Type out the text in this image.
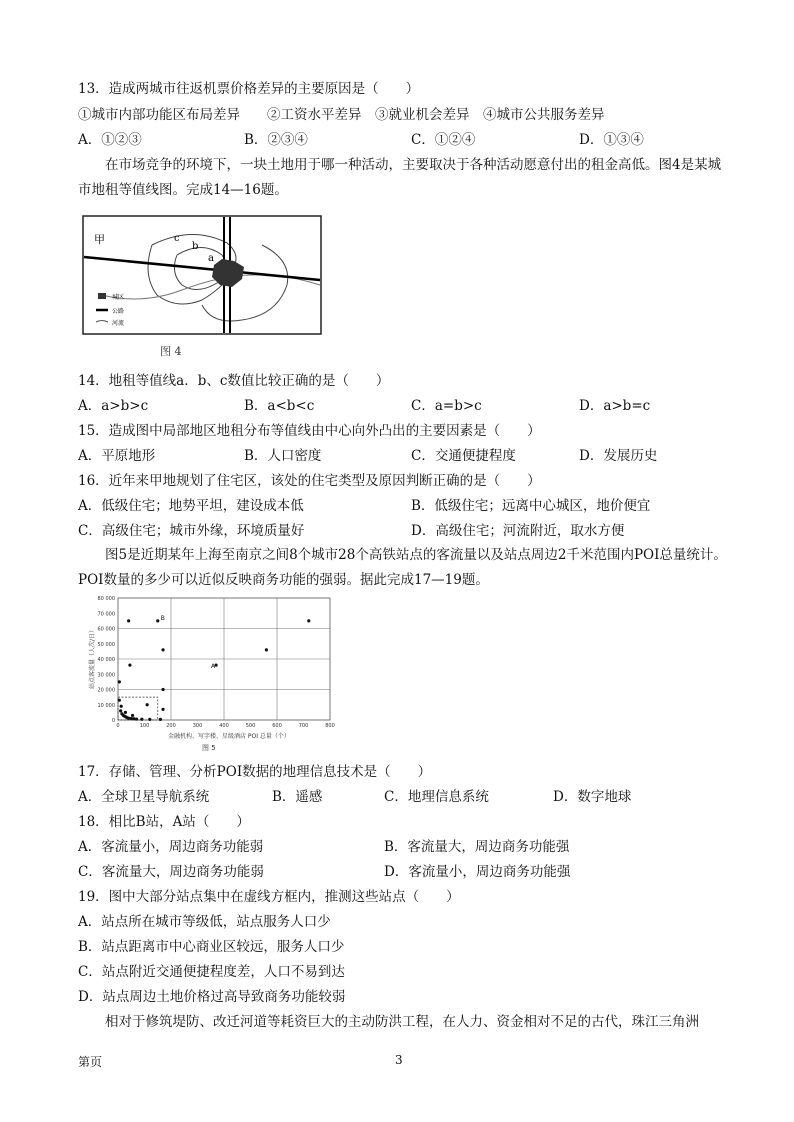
13．造成两城市往返机票价格差异的主要原因是（　　）
①城市内部功能区布局差异　　②工资水平差异　③就业机会差异　④城市公共服务差异
A．①②③	B．②③④	C．①②④	D．①③④
在市场竞争的环境下，一块土地用于哪一种活动，主要取决于各种活动愿意付出的租金高低。图4是某城市地租等值线图。完成14—16题。
甲	c
b
a
城区
公路
河流
图 4
14．地租等值线a．b、c数值比较正确的是（　　）
A．a>b>c	B．a<b<c	C．a=b>c	D．a>b=c
15．造成图中局部地区地租分布等值线由中心向外凸出的主要因素是（　　）
A．平原地形	B．人口密度	C．交通便捷程度	D．发展历史
16．近年来甲地规划了住宅区，该处的住宅类型及原因判断正确的是（　　）
A．低级住宅；地势平坦，建设成本低	B．低级住宅；远离中心城区，地价便宜
C．高级住宅；城市外缘，环境质量好	D．高级住宅；河流附近，取水方便
图5是近期某年上海至南京之间8个城市28个高铁站点的客流量以及站点周边2千米范围内POI总量统计。POI数量的多少可以近似反映商务功能的强弱。据此完成17—19题。
0	100	200	300	400	500	600	700	800
0
10 000
20 000
30 000
40 000
50 000
60 000
70 000
80 000
B
A
站点客流量（人次/日）
金融机构、写字楼、星级酒店 POI 总量（个）
图 5
17．存储、管理、分析POI数据的地理信息技术是（　　）
A．全球卫星导航系统	B．遥感	C．地理信息系统	D．数字地球
18．相比B站，A站（　　）
A．客流量小，周边商务功能弱	B．客流量大，周边商务功能强
C．客流量大，周边商务功能弱	D．客流量小，周边商务功能强
19．图中大部分站点集中在虚线方框内，推测这些站点（　　）
A．站点所在城市等级低，站点服务人口少
B．站点距离市中心商业区较远，服务人口少
C．站点附近交通便捷程度差，人口不易到达
D．站点周边土地价格过高导致商务功能较弱
相对于修筑堤防、改迁河道等耗资巨大的主动防洪工程，在人力、资金相对不足的古代，珠江三角洲
第页	3
